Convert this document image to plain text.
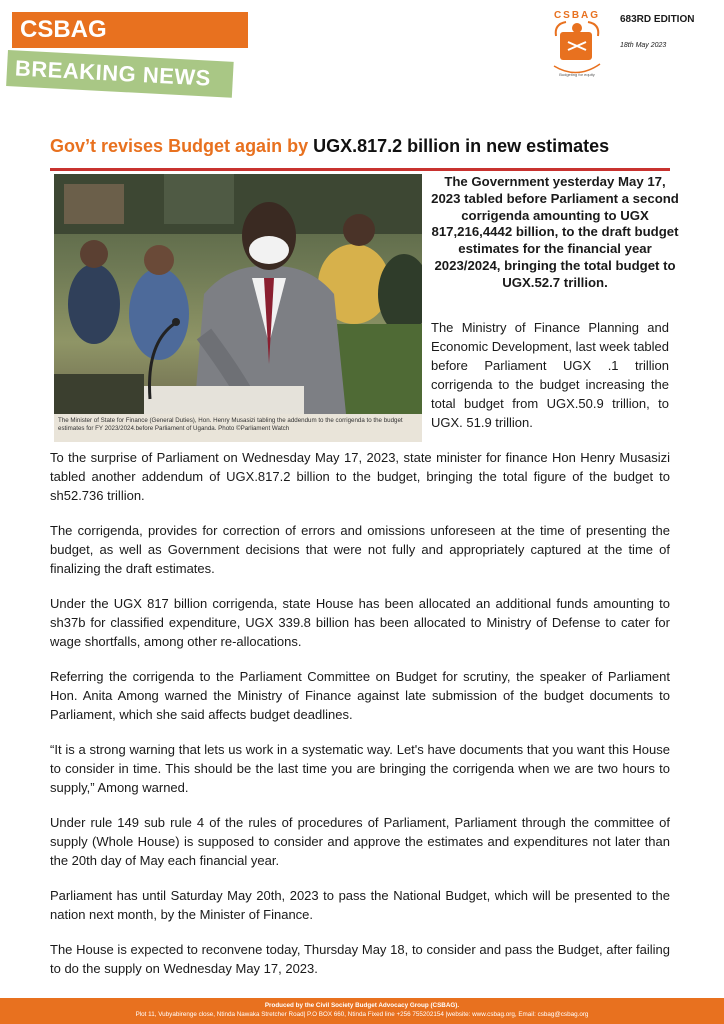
CSBAG
BREAKING NEWS
CSBAG
Budgeting for equity
683RD EDITION
18th May 2023
Gov’t revises Budget again by UGX.817.2 billion in new estimates
The Minister of State for Finance (General Duties), Hon. Henry Musasizi tabling the addendum to the corrigenda to the budget estimates for FY 2023/2024.before Parliament of Uganda. Photo ©Parliament Watch
The Government yesterday May 17, 2023 tabled before Parliament a second corrigenda amounting to UGX 817,216,4442 billion, to the draft budget estimates for the financial year 2023/2024, bringing the total budget to UGX.52.7 trillion.
The Ministry of Finance Planning and Economic Development, last week tabled before Parliament UGX .1 trillion corrigenda to the budget increasing the total budget from UGX.50.9 trillion, to UGX. 51.9 trillion.

To the surprise of Parliament on Wednesday May 17, 2023, state minister for finance Hon Henry Musasizi tabled another addendum of UGX.817.2 billion to the budget, bringing the total figure of the budget to sh52.736 trillion.

The corrigenda, provides for correction of errors and omissions unforeseen at the time of presenting the budget, as well as Government decisions that were not fully and appropriately captured at the time of finalizing the draft estimates.

Under the UGX 817 billion corrigenda, state House has been allocated an additional funds amounting to sh37b for classified expenditure, UGX 339.8 billion has been allocated to Ministry of Defense to cater for wage shortfalls, among other re-allocations.

Referring the corrigenda to the Parliament Committee on Budget for scrutiny, the speaker of Parliament Hon. Anita Among warned the Ministry of Finance against late submission of the budget documents to Parliament, which she said affects budget deadlines.

“It is a strong warning that lets us work in a systematic way. Let's have documents that you want this House to consider in time. This should be the last time you are bringing the corrigenda when we are two hours to supply,” Among warned.

Under rule 149 sub rule 4 of the rules of procedures of Parliament, Parliament through the committee of supply (Whole House) is supposed to consider and approve the estimates and expenditures not later than the 20th day of May each financial year.

Parliament has until Saturday May 20th, 2023 to pass the National Budget, which will be presented to the nation next month, by the Minister of Finance.

The House is expected to reconvene today, Thursday May 18, to consider and pass the Budget, after failing to do the supply on Wednesday May 17, 2023.

Produced by the Civil Society Budget Advocacy Group (CSBAG).
Plot 11, Vubyabirenge close, Ntinda Nawaka Stretcher Road| P.O BOX 660, Ntinda Fixed line +256 755202154 |website: www.csbag.org, Email: csbag@csbag.org
